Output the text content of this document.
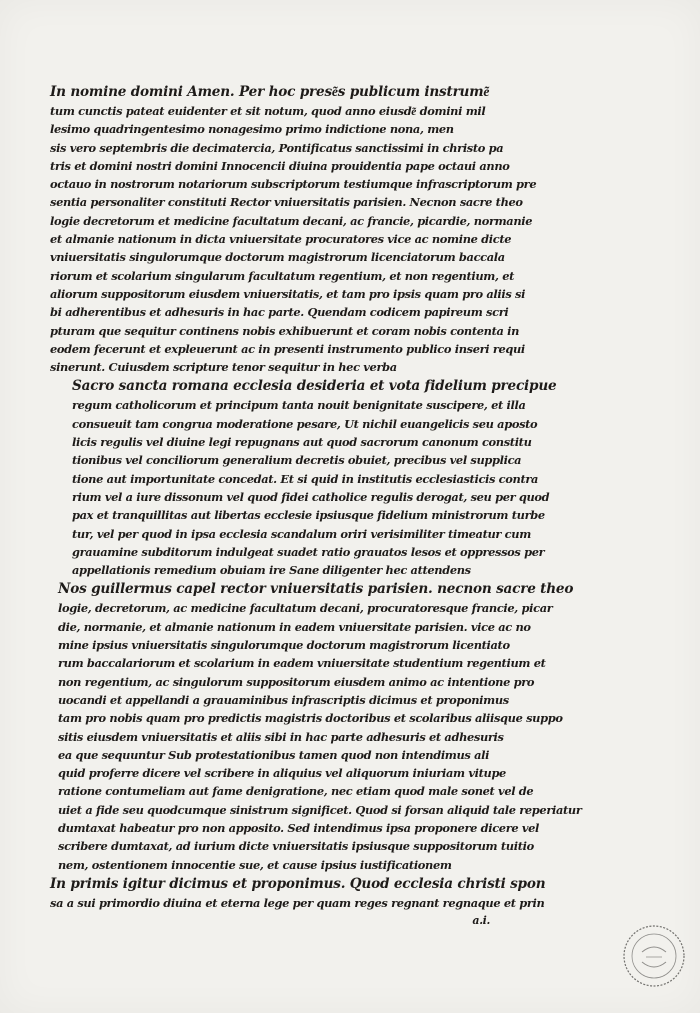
In nomine domini Amen. Per hoc prese͂s publicum instrume͂
tum cunctis pateat euidenter et sit notum, quod anno eiusde͂ domini mil
lesimo quadringentesimo nonagesimo primo indictione nona, men
sis vero septembris die decimatercia, Pontificatus sanctissimi in christo pa
tris et domini nostri domini Innocencii diuina prouidentia pape octaui anno
octauo in nostrorum notariorum subscriptorum testiumque infrascriptorum pre
sentia personaliter constituti Rector vniuersitatis parisien. Necnon sacre theo
logie decretorum et medicine facultatum decani, ac francie, picardie, normanie
et almanie nationum in dicta vniuersitate procuratores vice ac nomine dicte
vniuersitatis singulorumque doctorum magistrorum licenciatorum baccala
riorum et scolarium singularum facultatum regentium, et non regentium, et
aliorum suppositorum eiusdem vniuersitatis, et tam pro ipsis quam pro aliis si
bi adherentibus et adhesuris in hac parte. Quendam codicem papireum scri
pturam que sequitur continens nobis exhibuerunt et coram nobis contenta in
eodem fecerunt et expleuerunt ac in presenti instrumento publico inseri requi
sinerunt. Cuiusdem scripture tenor sequitur in hec verba
Sacro sancta romana ecclesia desideria et vota fidelium precipue
regum catholicorum et principum tanta nouit benignitate suscipere, et illa
consueuit tam congrua moderatione pesare, Ut nichil euangelicis seu aposto
licis regulis vel diuine legi repugnans aut quod sacrorum canonum constitu
tionibus vel conciliorum generalium decretis obuiet, precibus vel supplica
tione aut importunitate concedat. Et si quid in institutis ecclesiasticis contra
rium vel a iure dissonum vel quod fidei catholice regulis derogat, seu per quod
pax et tranquillitas aut libertas ecclesie ipsiusque fidelium ministrorum turbe
tur, vel per quod in ipsa ecclesia scandalum oriri verisimiliter timeatur cum
grauamine subditorum indulgeat suadet ratio grauatos lesos et oppressos per
appellationis remedium obuiam ire Sane diligenter hec attendens
Nos guillermus capel rector vniuersitatis parisien. necnon sacre theo
logie, decretorum, ac medicine facultatum decani, procuratoresque francie, picar
die, normanie, et almanie nationum in eadem vniuersitate parisien. vice ac no
mine ipsius vniuersitatis singulorumque doctorum magistrorum licentiato
rum baccalariorum et scolarium in eadem vniuersitate studentium regentium et
non regentium, ac singulorum suppositorum eiusdem animo ac intentione pro
uocandi et appellandi a grauaminibus infrascriptis dicimus et proponimus
tam pro nobis quam pro predictis magistris doctoribus et scolaribus aliisque suppo
sitis eiusdem vniuersitatis et aliis sibi in hac parte adhesuris et adhesuris
ea que sequuntur Sub protestationibus tamen quod non intendimus ali
quid proferre dicere vel scribere in aliquius vel aliquorum iniuriam vitupe
ratione contumeliam aut fame denigratione, nec etiam quod male sonet vel de
uiet a fide seu quodcumque sinistrum significet. Quod si forsan aliquid tale reperiatur
dumtaxat habeatur pro non apposito. Sed intendimus ipsa proponere dicere vel
scribere dumtaxat, ad iurium dicte vniuersitatis ipsiusque suppositorum tuitio
nem, ostentionem innocentie sue, et cause ipsius iustificationem
In primis igitur dicimus et proponimus. Quod ecclesia christi spon
sa a sui primordio diuina et eterna lege per quam reges regnant regnaque et prin
a.i.
